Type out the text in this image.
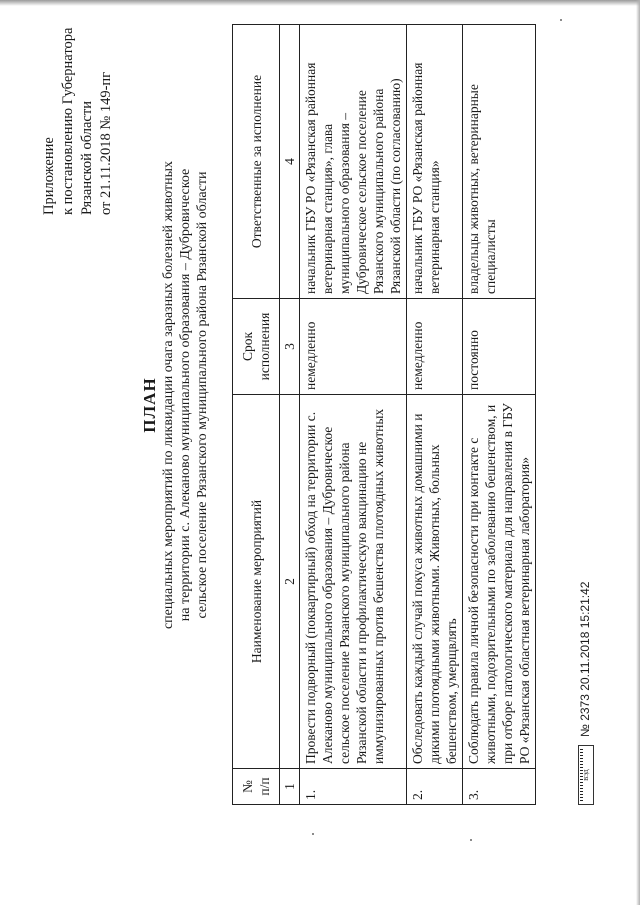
Приложение к постановлению Губернатора Рязанской области от 21.11.2018 № 149-пг
ПЛАН специальных мероприятий по ликвидации очага заразных болезней животных на территории с. Алеканово муниципального образования – Дубровическое сельское поселение Рязанского муниципального района Рязанской области
№ п/п	Наименование мероприятий	Срок исполнения	Ответственные за исполнение
1	2	3	4
1.	Провести подворный (поквартирный) обход на территории с. Алеканово муниципального образования – Дубровическое сельское поселение Рязанского муниципального района Рязанской области и профилактическую вакцинацию не иммунизированных против бешенства плотоядных животных	немедленно	начальник ГБУ РО «Рязанская районная ветеринарная станция», глава муниципального образования – Дубровическое сельское поселение Рязанского муниципального района Рязанской области (по согласованию)
2.	Обследовать каждый случай покуса животных домашними и дикими плотоядными животными. Животных, больных бешенством, умерщвлять	немедленно	начальник ГБУ РО «Рязанская районная ветеринарная станция»
3.	Соблюдать правила личной безопасности при контакте с животными, подозрительными по заболеванию бешенством, и при отборе патологического материала для направления в ГБУ РО «Рязанская областная ветеринарная лаборатория»	постоянно	владельцы животных, ветеринарные специалисты
ВЭД
№ 2373 20.11.2018 15:21:42
